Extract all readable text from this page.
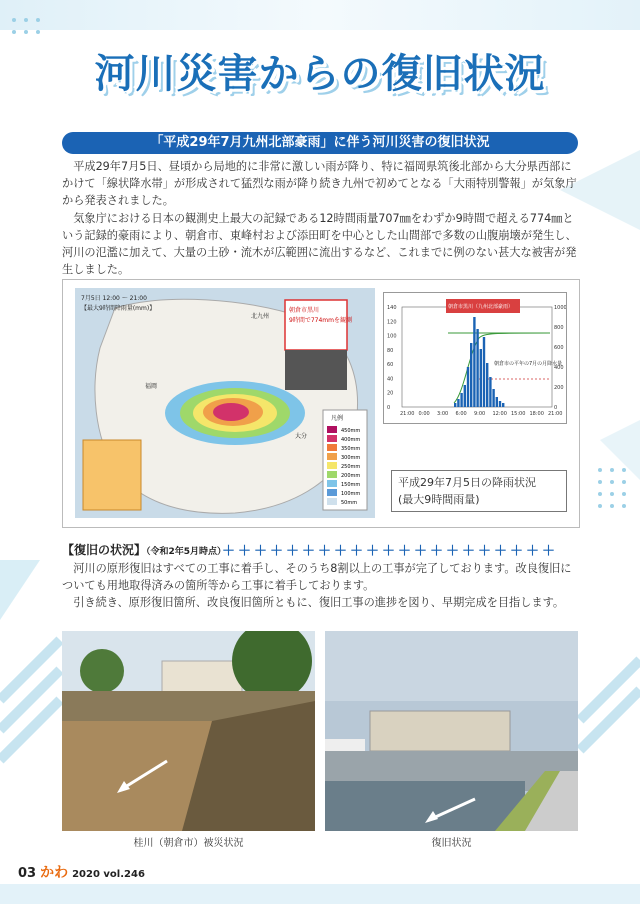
河川災害からの復旧状況
「平成29年7月九州北部豪雨」に伴う河川災害の復旧状況

平成29年7月5日、昼頃から局地的に非常に激しい雨が降り、特に福岡県筑後北部から大分県西部にかけて「線状降水帯」が形成されて猛烈な雨が降り続き九州で初めてとなる「大雨特別警報」が気象庁から発表されました。

気象庁における日本の観測史上最大の記録である12時間雨量707㎜をわずか9時間で超える774㎜という記録的豪雨により、朝倉市、東峰村および添田町を中心とした山間部で多数の山腹崩壊が発生し、河川の氾濫に加えて、大量の土砂・流木が広範囲に流出するなど、これまでに例のない甚大な被害が発生しました。

7月5日 12:00 ～ 21:00
【最大9時間降雨量(mm)】
北九州
福岡
大分
朝倉市黒川
9時間で774mmを観測
凡例
450mm
400mm
350mm
300mm
250mm
200mm
150mm
100mm
50mm
朝倉市黒川（九州北部豪雨）
朝倉市の平年の7月の月降水量
21:00 0:00 3:00 6:00 9:00 12:00 15:00 18:00 21:00
0
20
40
60
80
100
120
140
0
200
400
600
800
1000
平成29年7月5日の降雨状況
(最大9時間雨量)
【復旧の状況】（令和2年5月時点）
＋＋＋＋＋＋＋＋＋＋＋＋＋＋＋＋＋＋＋＋＋

河川の原形復旧はすべての工事に着手し、そのうち8割以上の工事が完了しております。改良復旧についても用地取得済みの箇所等から工事に着手しております。

引き続き、原形復旧箇所、改良復旧箇所ともに、復旧工事の進捗を図り、早期完成を目指します。

桂川（朝倉市）被災状況	復旧状況
03 かわ 2020 vol.246
